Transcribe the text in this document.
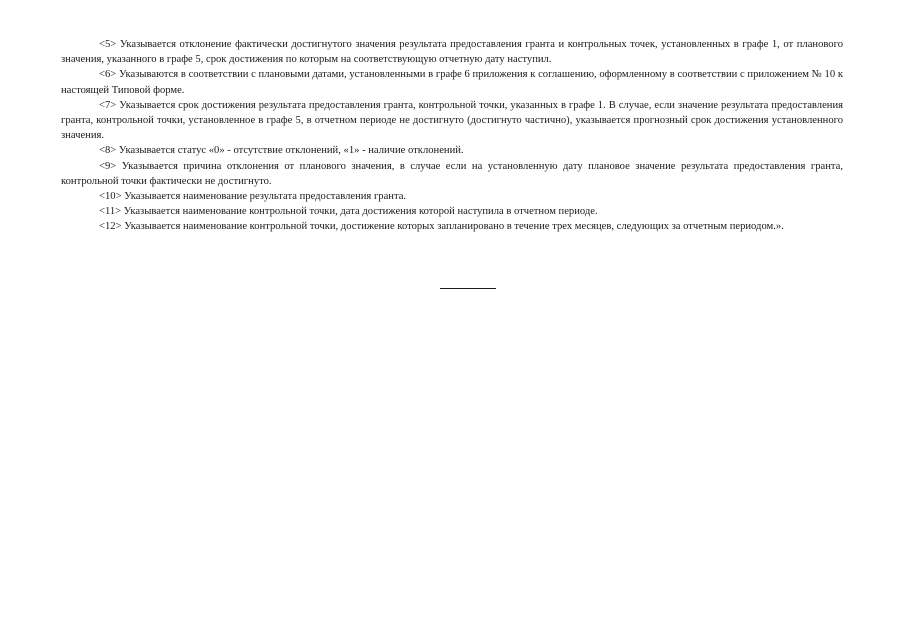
<5> Указывается отклонение фактически достигнутого значения результата предоставления гранта и контрольных точек, установленных в графе 1, от планового значения, указанного в графе 5, срок достижения по которым на соответствующую отчетную дату наступил.

<6> Указываются в соответствии с плановыми датами, установленными в графе 6 приложения к соглашению, оформленному в соответствии с приложением № 10 к настоящей Типовой форме.

<7> Указывается срок достижения результата предоставления гранта, контрольной точки, указанных в графе 1. В случае, если значение результата предоставления гранта, контрольной точки, установленное в графе 5, в отчетном периоде не достигнуто (достигнуто частично), указывается прогнозный срок достижения установленного значения.

<8> Указывается статус «0» - отсутствие отклонений, «1» - наличие отклонений.

<9> Указывается причина отклонения от планового значения, в случае если на установленную дату плановое значение результата предоставления гранта, контрольной точки фактически не достигнуто.

<10> Указывается наименование результата предоставления гранта.

<11> Указывается наименование контрольной точки, дата достижения которой наступила в отчетном периоде.

<12> Указывается наименование контрольной точки, достижение которых запланировано в течение трех месяцев, следующих за отчетным периодом.».
